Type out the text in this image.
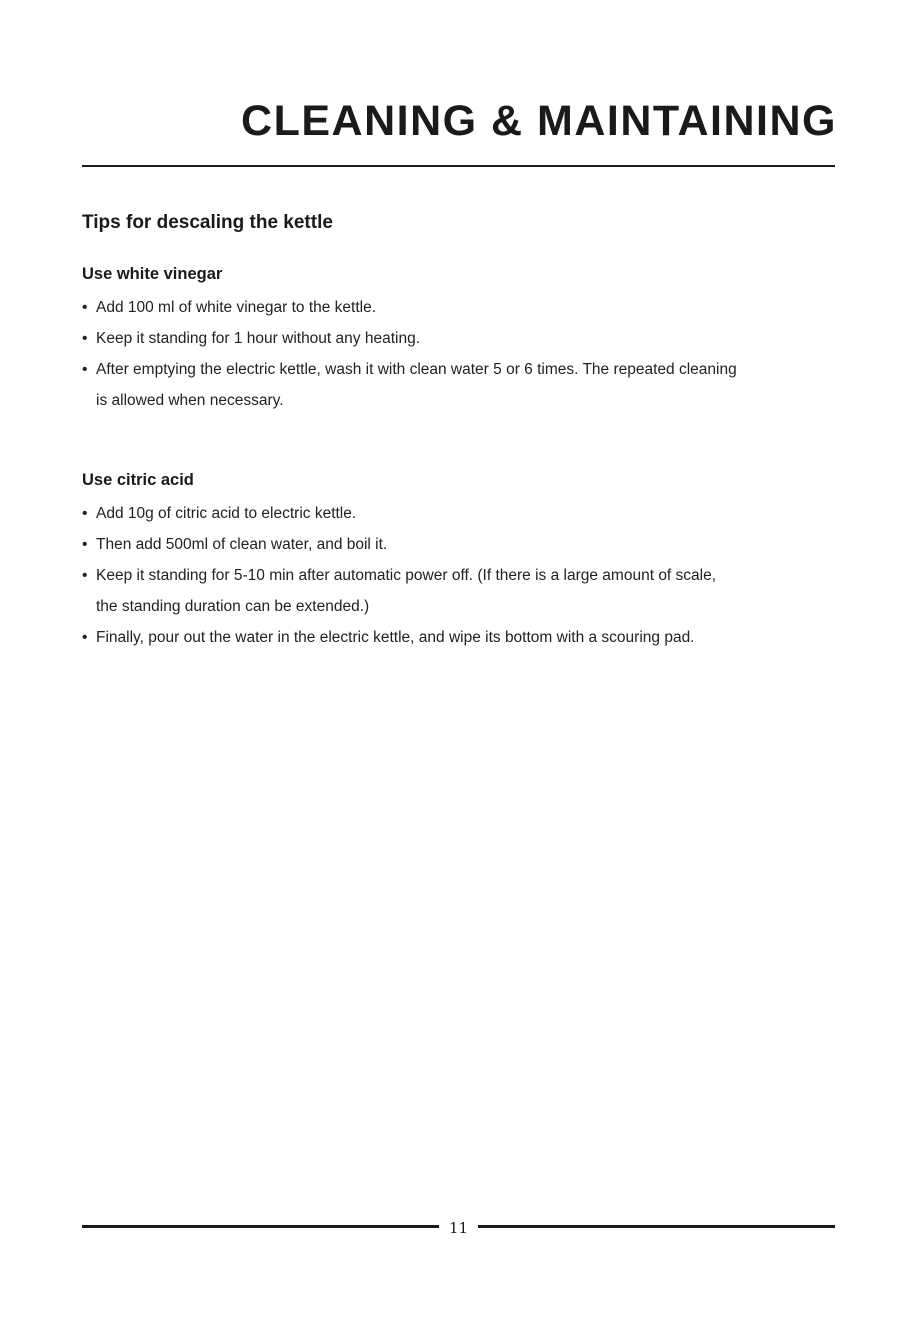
CLEANING & MAINTAINING
Tips for descaling the kettle
Use white vinegar
• Add 100 ml of white vinegar to the kettle.
• Keep it standing for 1 hour without any heating.
• After emptying the electric kettle, wash it with clean water 5 or 6 times. The repeated cleaning
is allowed when necessary.
Use citric acid
• Add 10g of citric acid to electric kettle.
• Then add 500ml of clean water, and boil it.
• Keep it standing for 5-10 min after automatic power off. (If there is a large amount of scale,
the standing duration can be extended.)
• Finally, pour out the water in the electric kettle, and wipe its bottom with a scouring pad.
11
